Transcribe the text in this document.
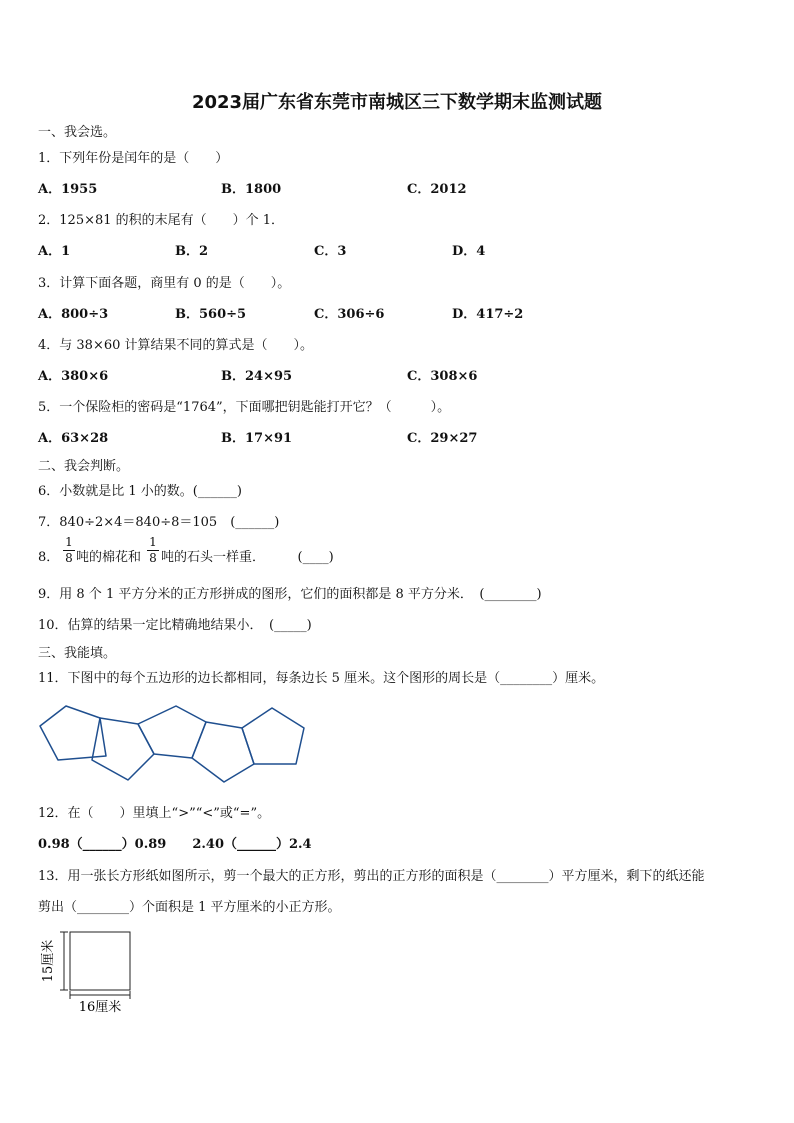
2023届广东省东莞市南城区三下数学期末监测试题
一、我会选。
1．下列年份是闰年的是（　　）
A．1955	B．1800	C．2012
2．125×81 的积的末尾有（　　）个 1．
A．1	B．2	C．3	D．4
3．计算下面各题，商里有 0 的是（　　）。
A．800÷3	B．560÷5	C．306÷6	D．417÷2
4．与 38×60 计算结果不同的算式是（　　）。
A．380×6	B．24×95	C．308×6
5．一个保险柜的密码是“1764”，下面哪把钥匙能打开它？（　　　）。
A．63×28	B．17×91	C．29×27
二、我会判断。
6．小数就是比 1 小的数。(______)
7．840÷2×4＝840÷8＝105　(______)
8．
1
8 吨的棉花和
1
8 吨的石头一样重．　　　(____)
9．用 8 个 1 平方分米的正方形拼成的图形，它们的面积都是 8 平方分米．　(________)
10．估算的结果一定比精确地结果小．　(_____)
三、我能填。
11．下图中的每个五边形的边长都相同，每条边长 5 厘米。这个图形的周长是（________）厘米。
12．在（　　）里填上“>”“<”或“=”。
0.98（______）0.89　　2.40（______）2.4
13．用一张长方形纸如图所示，剪一个最大的正方形，剪出的正方形的面积是（________）平方厘米，剩下的纸还能
剪出（________）个面积是 1 平方厘米的小正方形。
15厘米
16厘米
